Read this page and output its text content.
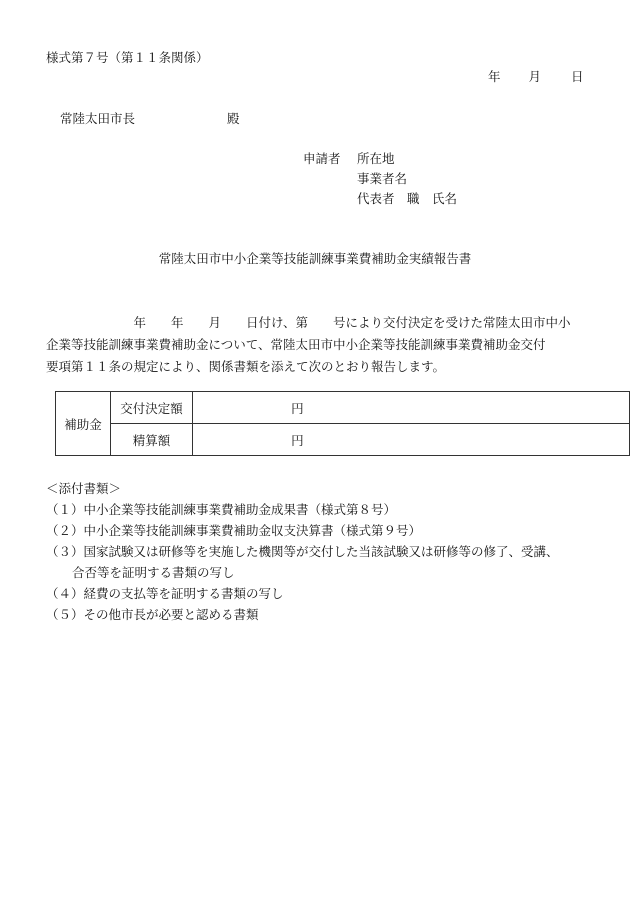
様式第７号（第１１条関係）
年 月 日
常陸太田市長	殿
申請者 所在地
事業者名
代表者　職　氏名
常陸太田市中小企業等技能訓練事業費補助金実績報告書

　　　　　　　年　　年　　月　　日付け、第　　号により交付決定を受けた常陸太田市中小

企業等技能訓練事業費補助金について、常陸太田市中小企業等技能訓練事業費補助金交付

要項第１１条の規定により、関係書類を添えて次のとおり報告します。

補助金	交付決定額	円
	精算額	円
＜添付書類＞
（１）中小企業等技能訓練事業費補助金成果書（様式第８号）
（２）中小企業等技能訓練事業費補助金収支決算書（様式第９号）
（３）国家試験又は研修等を実施した機関等が交付した当該試験又は研修等の修了、受講、
合否等を証明する書類の写し
（４）経費の支払等を証明する書類の写し
（５）その他市長が必要と認める書類
